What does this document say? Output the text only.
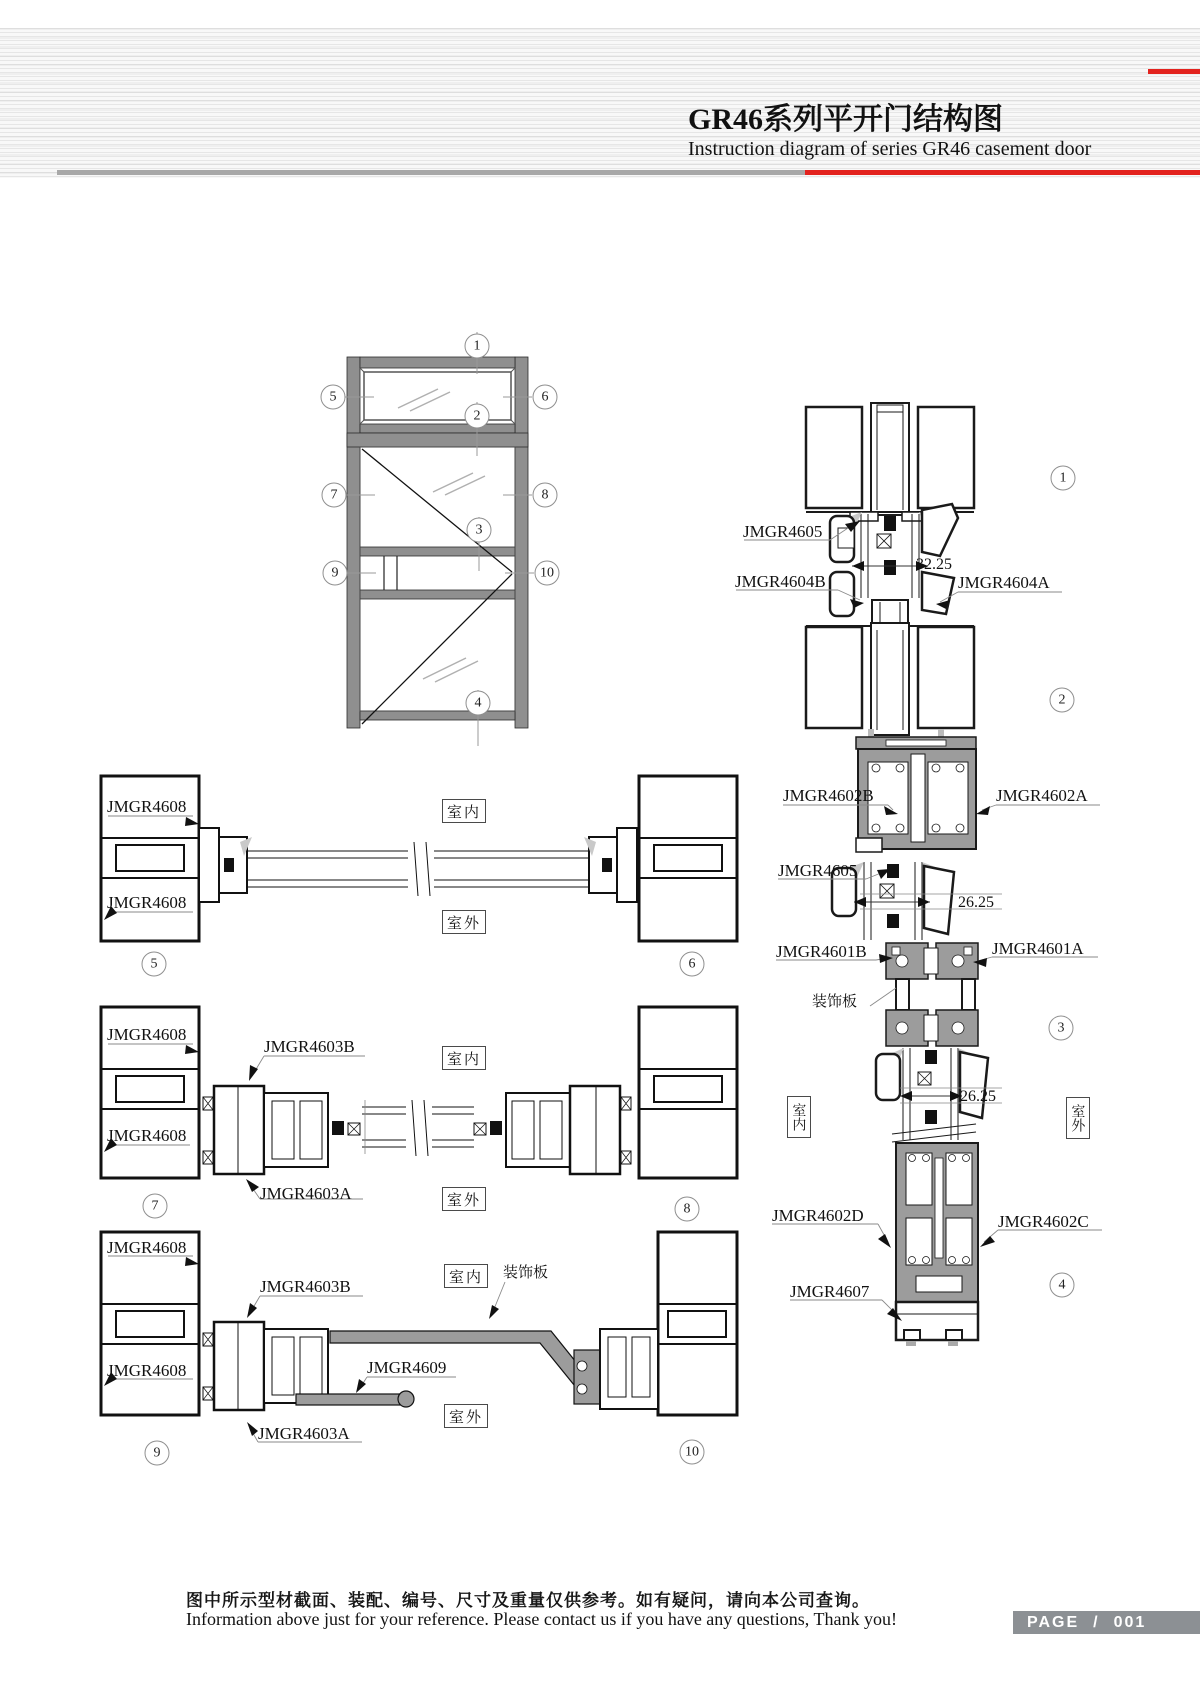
GR46系列平开门结构图
Instruction diagram of series GR46 casement door
1
2
3
4
5	6
7	8
9	10
1
2
3
4
5	6
7	8
9	10
JMGR4605
32.25
JMGR4604B	JMGR4604A
JMGR4602B	JMGR4602A
JMGR4605
26.25
JMGR4601B	JMGR4601A
装饰板
26.25
JMGR4602D	JMGR4602C
JMGR4607
室内	室外
JMGR4608
JMGR4608
室内
室外
JMGR4608
JMGR4608
JMGR4603B
JMGR4603A
室内
室外
JMGR4608
JMGR4608
JMGR4603B
JMGR4609
装饰板
JMGR4603A
室内
室外
图中所示型材截面、装配、编号、尺寸及重量仅供参考。如有疑问，请向本公司查询。
Information above just for your reference. Please contact us if you have any questions, Thank you!	PAGE / 001
